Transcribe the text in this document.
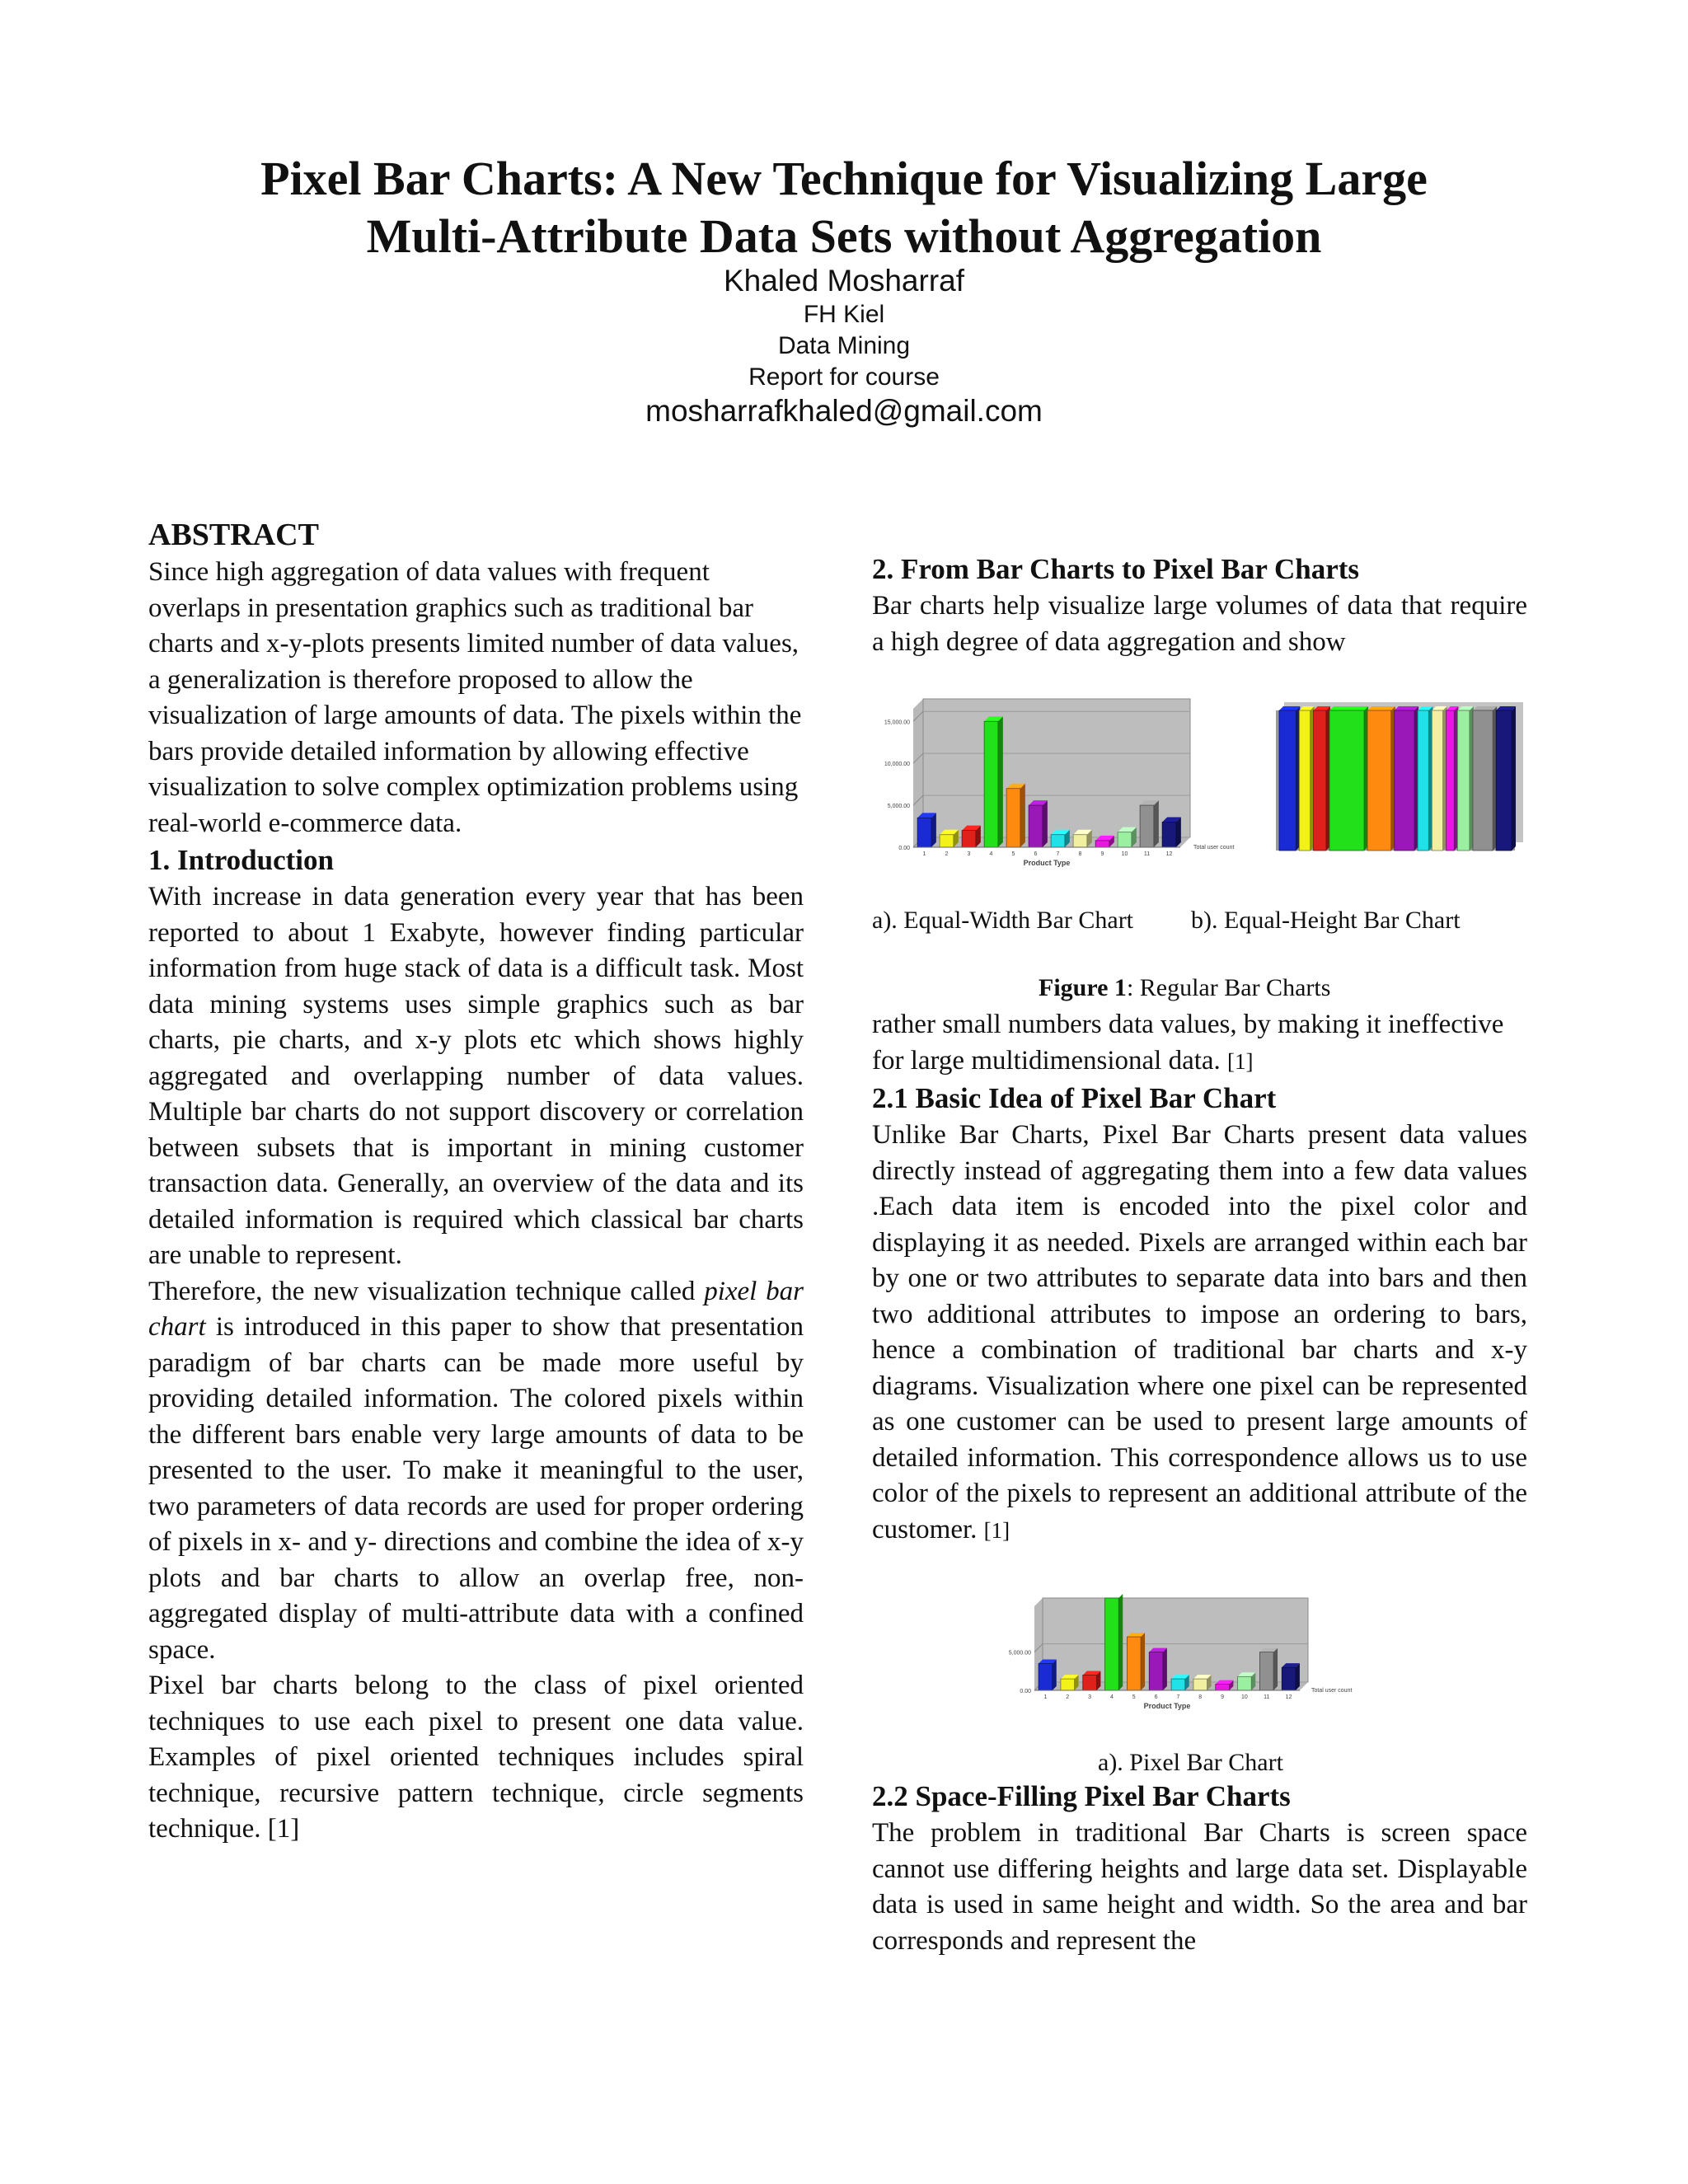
Pixel Bar Charts: A New Technique for Visualizing Large
Multi-Attribute Data Sets without Aggregation
Khaled Mosharraf
FH Kiel
Data Mining
Report for course
mosharrafkhaled@gmail.com
ABSTRACT

Since high aggregation of data values with frequent overlaps in presentation graphics such as traditional bar charts and x-y-plots presents limited number of data values, a generalization is therefore proposed to allow the visualization of large amounts of data. The pixels within the bars provide detailed information by allowing effective visualization to solve complex optimization problems using real-world e-commerce data.

1. Introduction

With increase in data generation every year that has been reported to about 1 Exabyte, however finding particular information from huge stack of data is a difficult task. Most data mining systems uses simple graphics such as bar charts, pie charts, and x-y plots etc which shows highly aggregated and overlapping number of data values. Multiple bar charts do not support discovery or correlation between subsets that is important in mining customer transaction data. Generally, an overview of the data and its detailed information is required which classical bar charts are unable to represent.

Therefore, the new visualization technique called pixel bar chart is introduced in this paper to show that presentation paradigm of bar charts can be made more useful by providing detailed information. The colored pixels within the different bars enable very large amounts of data to be presented to the user. To make it meaningful to the user, two parameters of data records are used for proper ordering of pixels in x- and y- directions and combine the idea of x-y plots and bar charts to allow an overlap free, non-aggregated display of multi-attribute data with a confined space.

Pixel bar charts belong to the class of pixel oriented techniques to use each pixel to present one data value. Examples of pixel oriented techniques includes spiral technique, recursive pattern technique, circle segments technique. [1]

2. From Bar Charts to Pixel Bar Charts

Bar charts help visualize large volumes of data that require a high degree of data aggregation and show

0.00
5,000.00
10,000.00
15,000.00
1	2	3	4	5	6	7	8	9	10	11	12
Product Type
Total user count
a). Equal-Width Bar Chart b). Equal-Height Bar Chart
Figure 1: Regular Bar Charts

rather small numbers data values, by making it ineffective for large multidimensional data. [1]

2.1 Basic Idea of Pixel Bar Chart

Unlike Bar Charts, Pixel Bar Charts present data values directly instead of aggregating them into a few data values .Each data item is encoded into the pixel color and displaying it as needed. Pixels are arranged within each bar by one or two attributes to separate data into bars and then two additional attributes to impose an ordering to bars, hence a combination of traditional bar charts and x-y diagrams. Visualization where one pixel can be represented as one customer can be used to present large amounts of detailed information. This correspondence allows us to use color of the pixels to represent an additional attribute of the customer. [1]

0.00
5,000.00
1	2	3	4	5	6	7	8	9	10	11	12
Product Type
Total user count
a). Pixel Bar Chart
2.2 Space-Filling Pixel Bar Charts

The problem in traditional Bar Charts is screen space cannot use differing heights and large data set. Displayable data is used in same height and width. So the area and bar corresponds and represent the
